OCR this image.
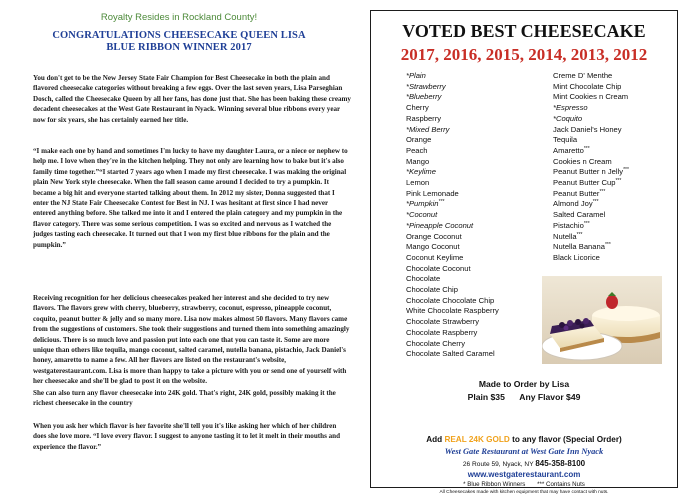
Royalty Resides in Rockland County!
CONGRATULATIONS CHEESECAKE QUEEN LISA
BLUE RIBBON WINNER 2017

You don't get to be the New Jersey State Fair Champion for Best Cheesecake in both the plain and flavored cheesecake categories without breaking a few eggs. Over the last seven years, Lisa Parseghian Dosch, called the Cheesecake Queen by all her fans, has done just that. She has been baking these creamy decadent cheesecakes at the West Gate Restaurant in Nyack. Winning several blue ribbons every year now for six years, she has certainly earned her title.

“I make each one by hand and sometimes I'm lucky to have my daughter Laura, or a niece or nephew to help me. I love when they're in the kitchen helping. They not only are learning how to bake but it's also family time together.”“I started 7 years ago when I made my first cheesecake. I was making the original plain New York style cheesecake. When the fall season came around I decided to try a pumpkin. It became a big hit and everyone started talking about them. In 2012 my sister, Donna suggested that I enter the NJ State Fair Cheesecake Contest for Best in NJ. I was hesitant at first since I had never entered anything before. She talked me into it and I entered the plain category and my pumpkin in the flavor category. There was some serious competition. I was so excited and nervous as I watched the judges tasting each cheesecake. It turned out that I won my first blue ribbons for the plain and the pumpkin.”

Receiving recognition for her delicious cheesecakes peaked her interest and she decided to try new flavors. The flavors grew with cherry, blueberry, strawberry, coconut, espresso, pineapple coconut, coquito, peanut butter & jelly and so many more. Lisa now makes almost 50 flavors. Many flavors came from the suggestions of customers. She took their suggestions and turned them into something amazingly delicious. There is so much love and passion put into each one that you can taste it. Some are more unique than others like tequila, mango coconut, salted caramel, nutella banana, pistachio, Jack Daniel's honey, amaretto to name a few. All her flavors are listed on the restaurant's website, westgaterestaurant.com. Lisa is more than happy to take a picture with you or send one of yourself with her cheesecake and she'll be glad to post it on the website.

She can also turn any flavor cheesecake into 24K gold. That's right, 24K gold, possibly making it the richest cheesecake in the country

When you ask her which flavor is her favorite she'll tell you it's like asking her which of her children does she love more. “I love every flavor. I suggest to anyone tasting it to let it melt in their mouths and experience the flavor.”

VOTED BEST CHEESECAKE
2017, 2016, 2015, 2014, 2013, 2012
*Plain
*Strawberry
*Blueberry
Cherry
Raspberry
*Mixed Berry
Orange
Peach
Mango
*Keylime
Lemon
Pink Lemonade
*Pumpkin***
*Coconut
*Pineapple Coconut
Orange Coconut
Mango Coconut
Coconut Keylime
Chocolate Coconut
Chocolate
Chocolate Chip
Chocolate Chocolate Chip
White Chocolate Raspberry
Chocolate Strawberry
Chocolate Raspberry
Chocolate Cherry
Chocolate Salted Caramel
Creme D' Menthe
Mint Chocolate Chip
Mint Cookies n Cream
*Espresso
*Coquito
Jack Daniel's Honey
Tequila
Amaretto***
Cookies n Cream
Peanut Butter n Jelly***
Peanut Butter Cup***
Peanut Butter***
Almond Joy***
Salted Caramel
Pistachio***
Nutella***
Nutella Banana***
Black Licorice
Made to Order by Lisa
Plain $35 Any Flavor $49
Add REAL 24K GOLD to any flavor (Special Order)
West Gate Restaurant at West Gate Inn Nyack
26 Route 59, Nyack, NY 845-358-8100
www.westgaterestaurant.com
* Blue Ribbon Winners *** Contains Nuts
All Cheesecakes made with kitchen equipment that may have contact with nuts.
